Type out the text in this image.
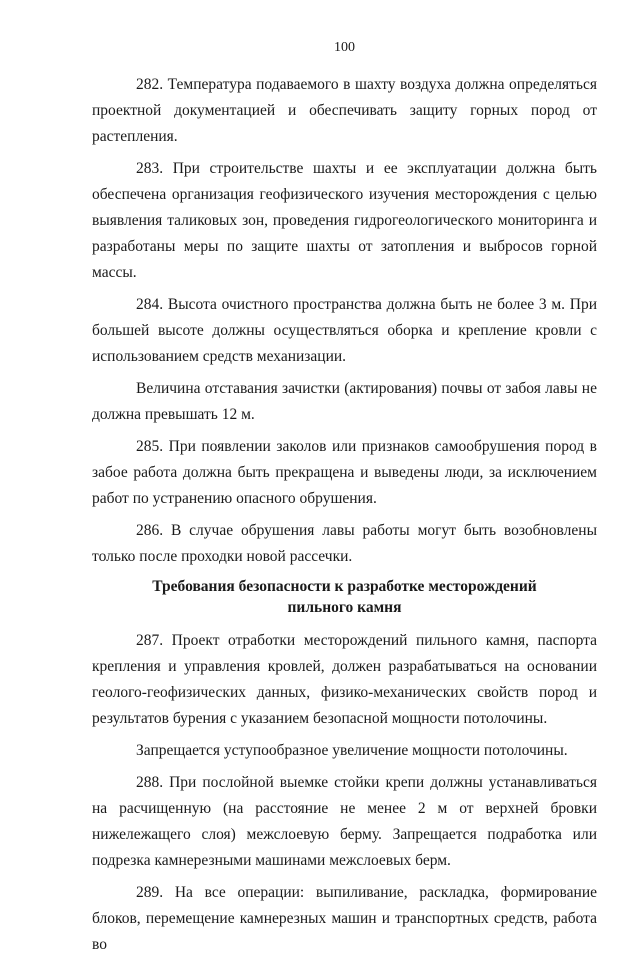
100

282. Температура подаваемого в шахту воздуха должна определяться проектной документацией и обеспечивать защиту горных пород от растепления.

283. При строительстве шахты и ее эксплуатации должна быть обеспечена организация геофизического изучения месторождения с целью выявления таликовых зон, проведения гидрогеологического мониторинга и разработаны меры по защите шахты от затопления и выбросов горной массы.

284. Высота очистного пространства должна быть не более 3 м. При большей высоте должны осуществляться оборка и крепление кровли с использованием средств механизации.

Величина отставания зачистки (актирования) почвы от забоя лавы не должна превышать 12 м.

285. При появлении заколов или признаков самообрушения пород в забое работа должна быть прекращена и выведены люди, за исключением работ по устранению опасного обрушения.

286. В случае обрушения лавы работы могут быть возобновлены только после проходки новой рассечки.

Требования безопасности к разработке месторождений
пильного камня

287. Проект отработки месторождений пильного камня, паспорта крепления и управления кровлей, должен разрабатываться на основании геолого-геофизических данных, физико-механических свойств пород и результатов бурения с указанием безопасной мощности потолочины.

Запрещается уступообразное увеличение мощности потолочины.

288. При послойной выемке стойки крепи должны устанавливаться на расчищенную (на расстояние не менее 2 м от верхней бровки нижележащего слоя) межслоевую берму. Запрещается подработка или подрезка камнерезными машинами межслоевых берм.

289. На все операции: выпиливание, раскладка, формирование блоков, перемещение камнерезных машин и транспортных средств, работа во
